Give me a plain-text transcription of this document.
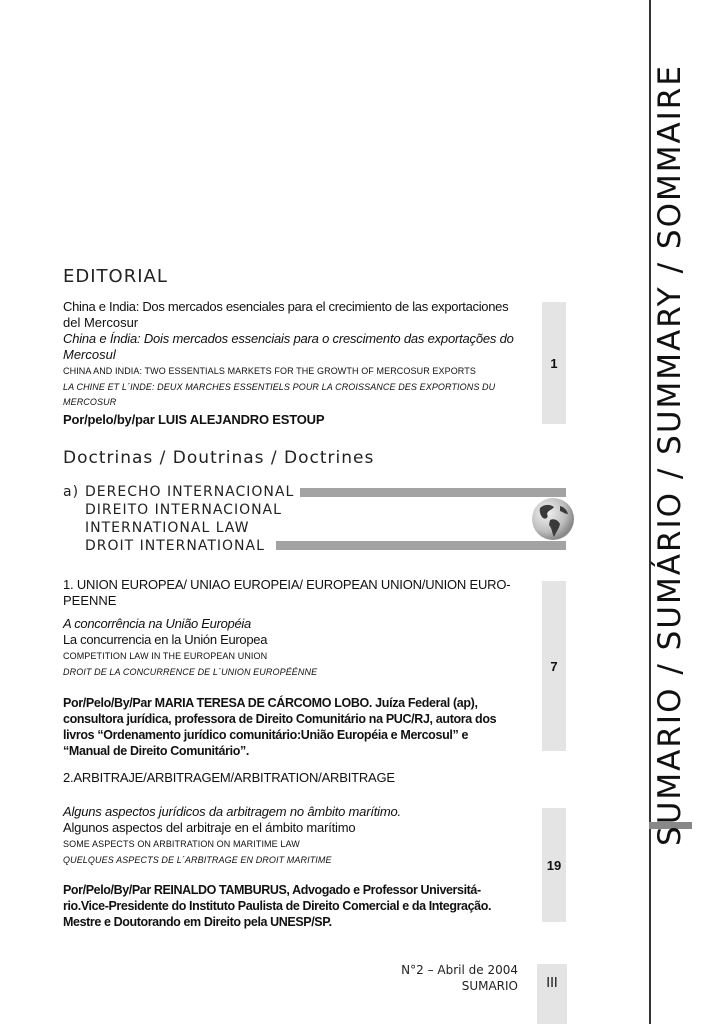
EDITORIAL

China e India: Dos mercados esenciales para el crecimiento de las exportaciones

del Mercosur

China e Índia: Dois mercados essenciais para o crescimento das exportações do

Mercosul

CHINA AND INDIA: TWO ESSENTIALS MARKETS FOR THE GROWTH OF MERCOSUR EXPORTS

LA CHINE ET L´INDE: DEUX MARCHES ESSENTIELS POUR LA CROISSANCE DES EXPORTIONS DU

MERCOSUR

Por/pelo/by/par LUIS ALEJANDRO ESTOUP
1
Doctrinas / Doutrinas / Doctrines
a) DERECHO INTERNACIONAL
DIREITO INTERNACIONAL
INTERNATIONAL LAW
DROIT INTERNATIONAL

1. UNION EUROPEA/ UNIAO EUROPEIA/ EUROPEAN UNION/UNION EURO-

PEENNE

A concorrência na União Européia

La concurrencia en la Unión Europea

COMPETITION LAW IN THE EUROPEAN UNION

DROIT DE LA CONCURRENCE DE L´UNION EUROPÉÉNNE

Por/Pelo/By/Par MARIA TERESA DE CÁRCOMO LOBO. Juíza Federal (ap),
consultora jurídica, professora de Direito Comunitário na PUC/RJ, autora dos
livros “Ordenamento jurídico comunitário:União Européia e Mercosul” e
“Manual de Direito Comunitário”.
7
2.ARBITRAJE/ARBITRAGEM/ARBITRATION/ARBITRAGE

Alguns aspectos jurídicos da arbitragem no âmbito marítimo.

Algunos aspectos del arbitraje en el ámbito marítimo

SOME ASPECTS ON ARBITRATION ON MARITIME LAW

QUELQUES ASPECTS DE L´ARBITRAGE EN DROIT MARITIME

Por/Pelo/By/Par REINALDO TAMBURUS, Advogado e Professor Universitá-
rio.Vice-Presidente do Instituto Paulista de Direito Comercial e da Integração.
Mestre e Doutorando em Direito pela UNESP/SP.
19
N°2 – Abril de 2004
SUMARIO III
SUMARIO / SUMÁRIO / SUMMARY / SOMMAIRE
